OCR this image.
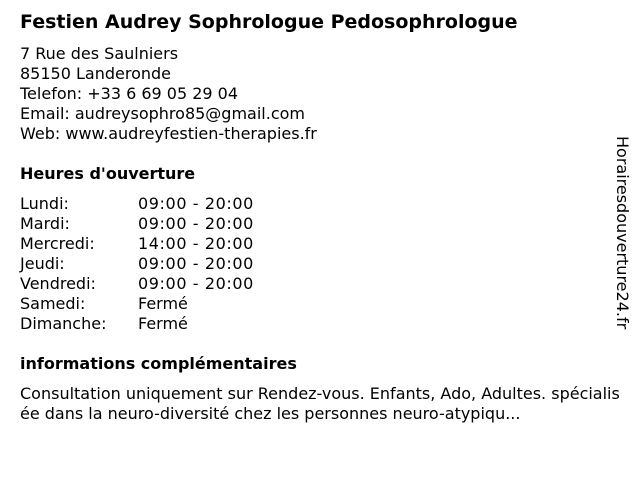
Festien Audrey Sophrologue Pedosophrologue
7 Rue des Saulniers
85150 Landeronde
Telefon: +33 6 69 05 29 04
Email: audreysophro85@gmail.com
Web: www.audreyfestien-therapies.fr
Heures d'ouverture
Lundi:	09:00 - 20:00
Mardi:	09:00 - 20:00
Mercredi:	14:00 - 20:00
Jeudi:	09:00 - 20:00
Vendredi:	09:00 - 20:00
Samedi:	Fermé
Dimanche:	Fermé
informations complémentaires
Consultation uniquement sur Rendez-vous. Enfants, Ado, Adultes. spécialisée dans la neuro-diversité chez les personnes neuro-atypiqu...
Horairesdouverture24.fr
